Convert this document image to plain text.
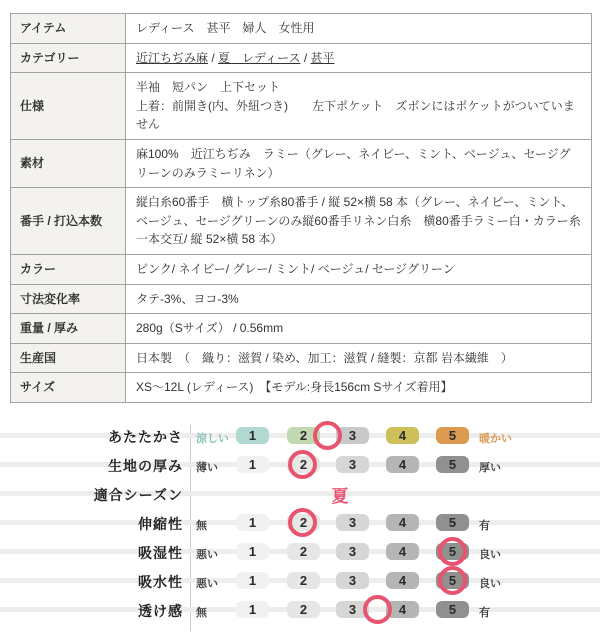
アイテム	レディース　甚平　婦人　女性用

カテゴリー	近江ちぢみ麻 / 夏　レディース / 甚平
仕様	半袖　短パン　上下セット
上着：前開き(内、外紐つき)　　左下ポケット　ズボンにはポケットがついていません

素材	麻100%　近江ちぢみ　ラミー（グレー、ネイビー、ミント、ベージュ、セージグリーンのみラミーリネン）

番手 / 打込本数	縦白糸60番手　横トップ糸80番手 / 縦 52×横 58 本（グレー、ネイビー、ミント、ベージュ、セージグリーンのみ縦60番手リネン白糸　横80番手ラミー白・カラー糸一本交互/ 縦 52×横 58 本）

カラー	ピンク/ ネイビー/ グレー/ ミント/ ベージュ/ セージグリーン

寸法変化率	タテ-3%、ヨコ-3%

重量 / 厚み	280g（Sサイズ） / 0.56mm

生産国	日本製　（　織り：滋賀 / 染め、加工：滋賀 / 縫製：京都 岩本繊維　）

サイズ	XS～12L (レディース)　【モデル:身長156cm Sサイズ着用】
あたたかさ 涼しい	1	2	3	4	5	暖かい
生地の厚み 薄い	1	2	3	4	5	厚い
適合シーズン	夏
伸縮性 無	1	2	3	4	5	有
吸湿性 悪い	1	2	3	4	5	良い
吸水性 悪い	1	2	3	4	5	良い
透け感 無	1	2	3	4	5	有
